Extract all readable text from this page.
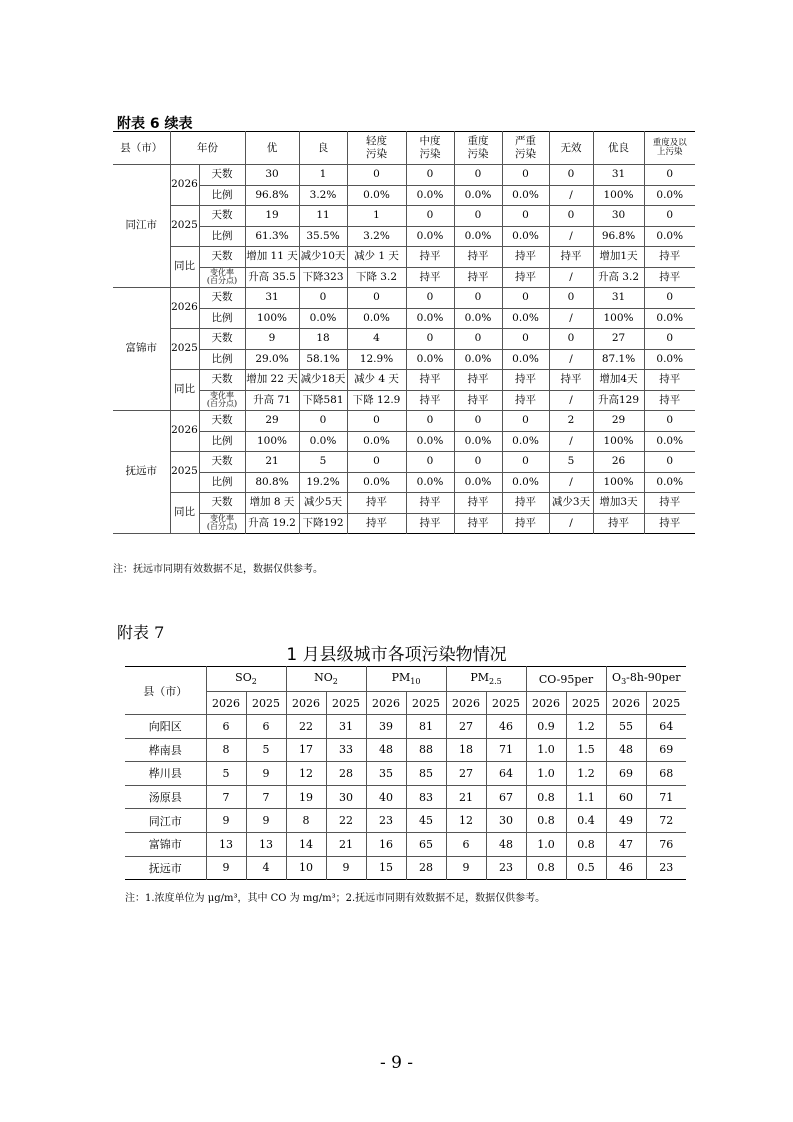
附表 6 续表
县（市）	年份		优	良	轻度污染	中度污染	重度污染	严重污染	无效	优良	重度及以上污染
同江市	2026	天数	30	1	0	0	0	0	0	31	0
		比例	96.8%	3.2%	0.0%	0.0%	0.0%	0.0%	/	100%	0.0%
	2025	天数	19	11	1	0	0	0	0	30	0
		比例	61.3%	35.5%	3.2%	0.0%	0.0%	0.0%	/	96.8%	0.0%
	同比	天数	增加 11 天	减少10天	减少 1 天	持平	持平	持平	持平	增加1天	持平
		变化率(百分点)	升高 35.5	下降323	下降 3.2	持平	持平	持平	/	升高 3.2	持平
富锦市	2026	天数	31	0	0	0	0	0	0	31	0
		比例	100%	0.0%	0.0%	0.0%	0.0%	0.0%	/	100%	0.0%
	2025	天数	9	18	4	0	0	0	0	27	0
		比例	29.0%	58.1%	12.9%	0.0%	0.0%	0.0%	/	87.1%	0.0%
	同比	天数	增加 22 天	减少18天	减少 4 天	持平	持平	持平	持平	增加4天	持平
		变化率(百分点)	升高 71	下降581	下降 12.9	持平	持平	持平	/	升高129	持平
抚远市	2026	天数	29	0	0	0	0	0	2	29	0
		比例	100%	0.0%	0.0%	0.0%	0.0%	0.0%	/	100%	0.0%
	2025	天数	21	5	0	0	0	0	5	26	0
		比例	80.8%	19.2%	0.0%	0.0%	0.0%	0.0%	/	100%	0.0%
	同比	天数	增加 8 天	减少5天	持平	持平	持平	持平	减少3天	增加3天	持平
		变化率(百分点)	升高 19.2	下降192	持平	持平	持平	持平	/	持平	持平
注：抚远市同期有效数据不足，数据仅供参考。
附表 7
1 月县级城市各项污染物情况
县（市）	$SO_2$		$NO_2$		$PM_{10}$		$PM_{2.5}$		CO-95per		$O_3-8h-90per$	
	2026	2025	2026	2025	2026	2025	2026	2025	2026	2025	2026	2025
向阳区	6	6	22	31	39	81	27	46	0.9	1.2	55	64
桦南县	8	5	17	33	48	88	18	71	1.0	1.5	48	69
桦川县	5	9	12	28	35	85	27	64	1.0	1.2	69	68
汤原县	7	7	19	30	40	83	21	67	0.8	1.1	60	71
同江市	9	9	8	22	23	45	12	30	0.8	0.4	49	72
富锦市	13	13	14	21	16	65	6	48	1.0	0.8	47	76
抚远市	9	4	10	9	15	28	9	23	0.8	0.5	46	23
注：1.浓度单位为 μg/m³，其中 CO 为 mg/m³；2.抚远市同期有效数据不足，数据仅供参考。
- 9 -
